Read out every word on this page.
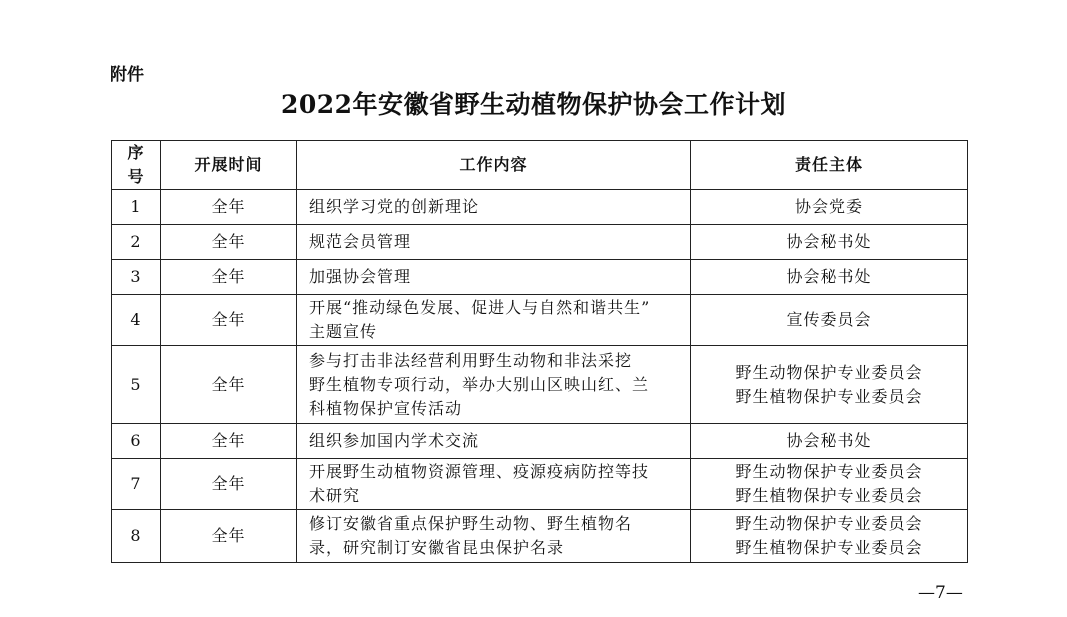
附件
2022年安徽省野生动植物保护协会工作计划
序号	开展时间	工作内容	责任主体
1	全年	组织学习党的创新理论	协会党委

2	全年	规范会员管理	协会秘书处

3	全年	加强协会管理	协会秘书处

4	全年	开展“推动绿色发展、促进人与自然和谐共生”
主题宣传	宣传委员会

5	全年	参与打击非法经营利用野生动物和非法采挖
野生植物专项行动，举办大别山区映山红、兰
科植物保护宣传活动	野生动物保护专业委员会
野生植物保护专业委员会

6	全年	组织参加国内学术交流	协会秘书处

7	全年	开展野生动植物资源管理、疫源疫病防控等技
术研究	野生动物保护专业委员会
野生植物保护专业委员会

8	全年	修订安徽省重点保护野生动物、野生植物名
录，研究制订安徽省昆虫保护名录	野生动物保护专业委员会
野生植物保护专业委员会
—7—
